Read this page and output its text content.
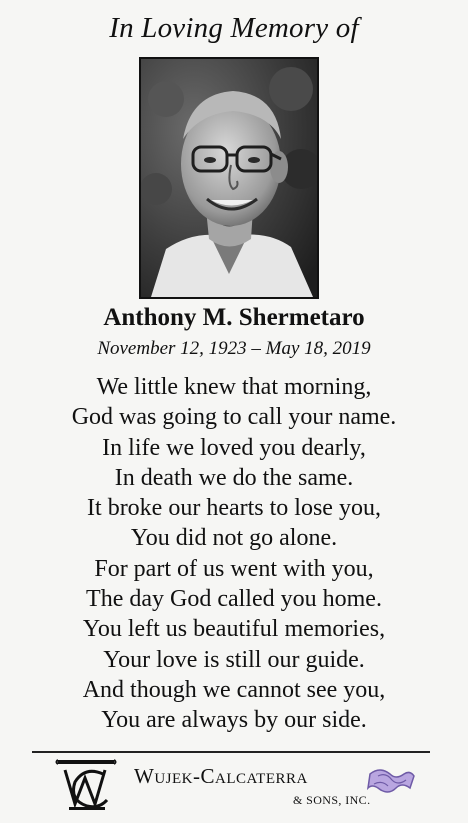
In Loving Memory of
Anthony M. Shermetaro
November 12, 1923 – May 18, 2019
We little knew that morning,
God was going to call your name.
In life we loved you dearly,
In death we do the same.
It broke our hearts to lose you,
You did not go alone.
For part of us went with you,
The day God called you home.
You left us beautiful memories,
Your love is still our guide.
And though we cannot see you,
You are always by our side.
Wujek-Calcaterra
& SONS, INC.
